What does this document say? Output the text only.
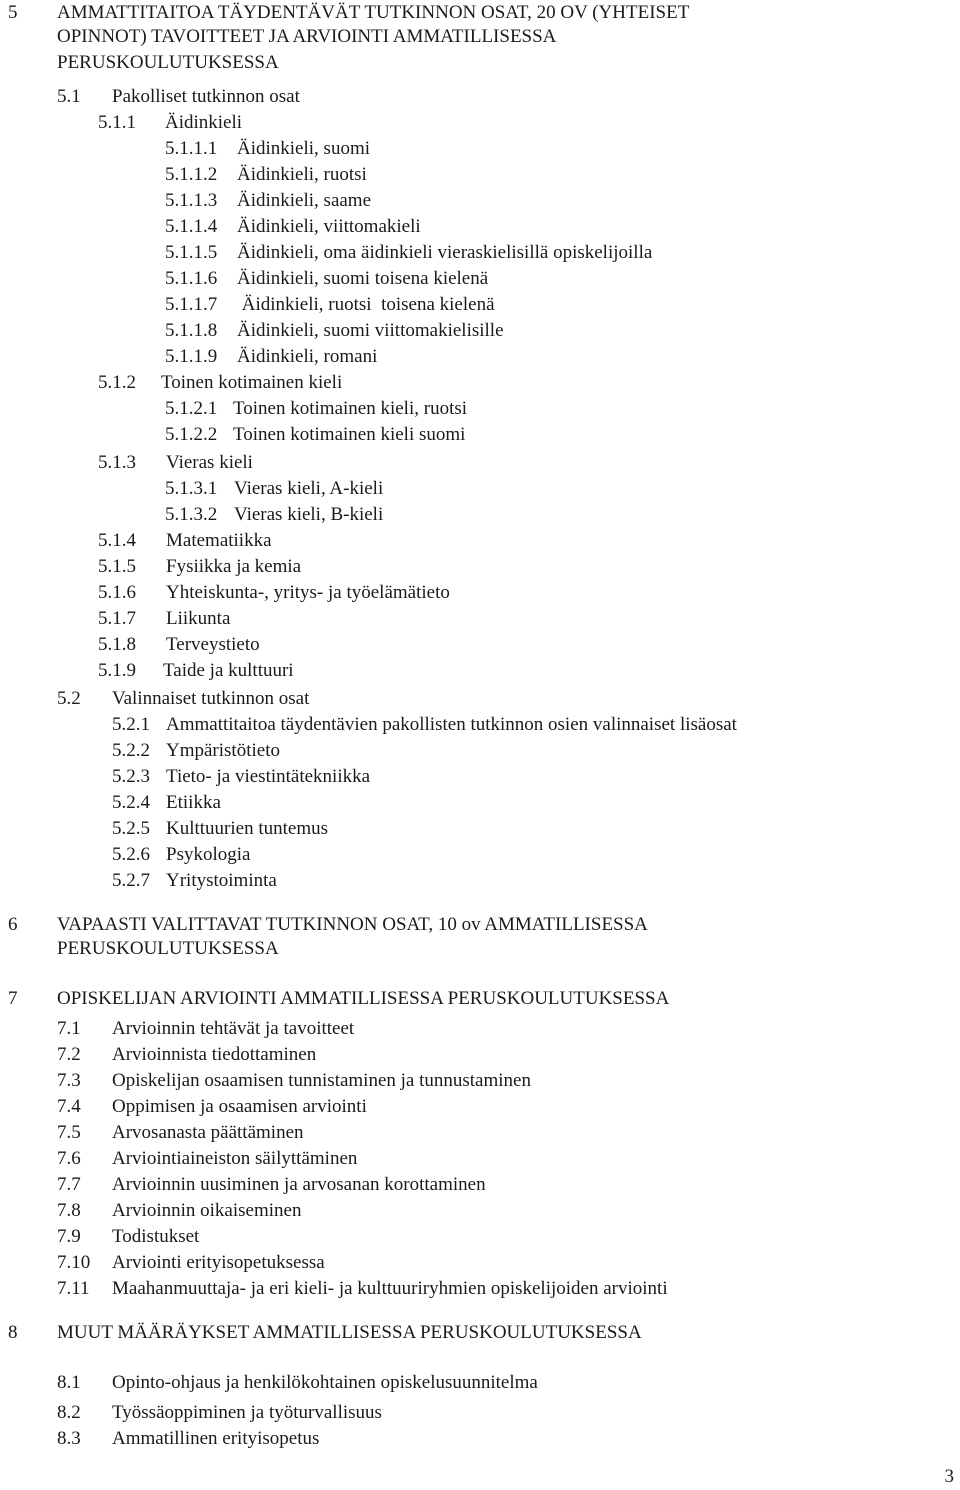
5 AMMATTITAITOA TÄYDENTÄVÄT TUTKINNON OSAT, 20 OV (YHTEISET
OPINNOT) TAVOITTEET JA ARVIOINTI AMMATILLISESSA
PERUSKOULUTUKSESSA
5.1 Pakolliset tutkinnon osat
5.1.1 Äidinkieli
5.1.1.1 Äidinkieli, suomi
5.1.1.2 Äidinkieli, ruotsi
5.1.1.3 Äidinkieli, saame
5.1.1.4 Äidinkieli, viittomakieli
5.1.1.5 Äidinkieli, oma äidinkieli vieraskielisillä opiskelijoilla
5.1.1.6 Äidinkieli, suomi toisena kielenä
5.1.1.7 Äidinkieli, ruotsi  toisena kielenä
5.1.1.8 Äidinkieli, suomi viittomakielisille
5.1.1.9 Äidinkieli, romani
5.1.2 Toinen kotimainen kieli
5.1.2.1 Toinen kotimainen kieli, ruotsi
5.1.2.2 Toinen kotimainen kieli suomi
5.1.3 Vieras kieli
5.1.3.1 Vieras kieli, A-kieli
5.1.3.2 Vieras kieli, B-kieli
5.1.4 Matematiikka
5.1.5 Fysiikka ja kemia
5.1.6 Yhteiskunta-, yritys- ja työelämätieto
5.1.7 Liikunta
5.1.8 Terveystieto
5.1.9 Taide ja kulttuuri
5.2 Valinnaiset tutkinnon osat
5.2.1 Ammattitaitoa täydentävien pakollisten tutkinnon osien valinnaiset lisäosat
5.2.2 Ympäristötieto
5.2.3 Tieto- ja viestintätekniikka
5.2.4 Etiikka
5.2.5 Kulttuurien tuntemus
5.2.6 Psykologia
5.2.7 Yritystoiminta
6 VAPAASTI VALITTAVAT TUTKINNON OSAT, 10 ov AMMATILLISESSA
PERUSKOULUTUKSESSA
7 OPISKELIJAN ARVIOINTI AMMATILLISESSA PERUSKOULUTUKSESSA
7.1 Arvioinnin tehtävät ja tavoitteet
7.2 Arvioinnista tiedottaminen
7.3 Opiskelijan osaamisen tunnistaminen ja tunnustaminen
7.4 Oppimisen ja osaamisen arviointi
7.5 Arvosanasta päättäminen
7.6 Arviointiaineiston säilyttäminen
7.7 Arvioinnin uusiminen ja arvosanan korottaminen
7.8 Arvioinnin oikaiseminen
7.9 Todistukset
7.10 Arviointi erityisopetuksessa
7.11 Maahanmuuttaja- ja eri kieli- ja kulttuuriryhmien opiskelijoiden arviointi
8 MUUT MÄÄRÄYKSET AMMATILLISESSA PERUSKOULUTUKSESSA
8.1 Opinto-ohjaus ja henkilökohtainen opiskelusuunnitelma
8.2 Työssäoppiminen ja työturvallisuus
8.3 Ammatillinen erityisopetus
3
